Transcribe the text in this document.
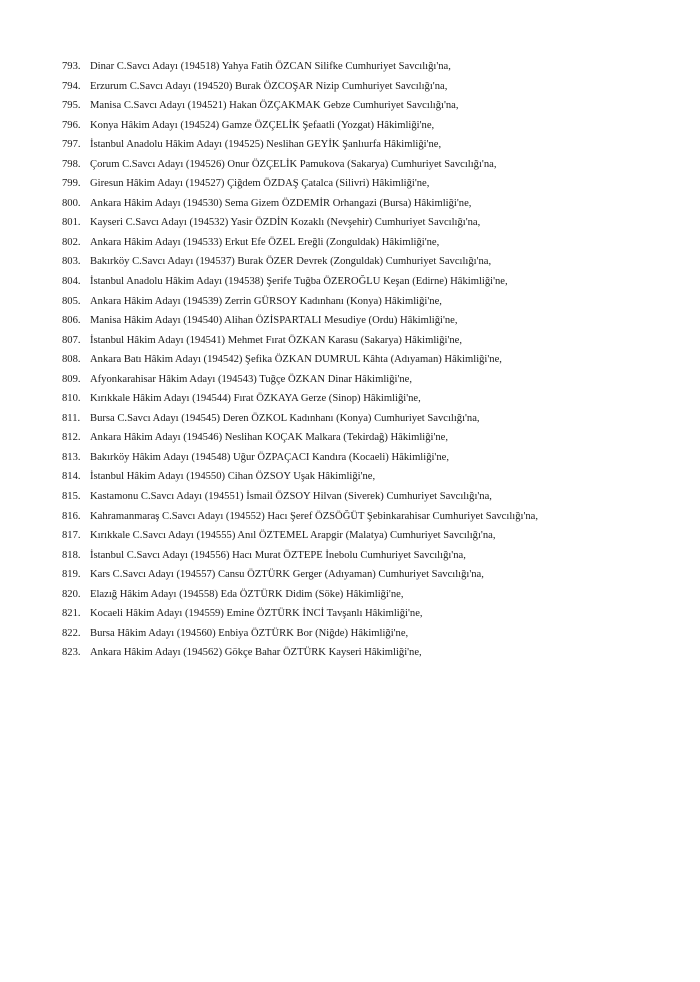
793. Dinar C.Savcı Adayı (194518) Yahya Fatih ÖZCAN Silifke Cumhuriyet Savcılığı'na,
794. Erzurum C.Savcı Adayı (194520) Burak ÖZCOŞAR Nizip Cumhuriyet Savcılığı'na,
795. Manisa C.Savcı Adayı (194521) Hakan ÖZÇAKMAK Gebze Cumhuriyet Savcılığı'na,
796. Konya Hâkim Adayı (194524) Gamze ÖZÇELİK Şefaatli (Yozgat) Hâkimliği'ne,
797. İstanbul Anadolu Hâkim Adayı (194525) Neslihan GEYİK Şanlıurfa Hâkimliği'ne,
798. Çorum C.Savcı Adayı (194526) Onur ÖZÇELİK Pamukova (Sakarya) Cumhuriyet Savcılığı'na,
799. Giresun Hâkim Adayı (194527) Çiğdem ÖZDAŞ Çatalca (Silivri) Hâkimliği'ne,
800. Ankara Hâkim Adayı (194530) Sema Gizem ÖZDEMİR Orhangazi (Bursa) Hâkimliği'ne,
801. Kayseri C.Savcı Adayı (194532) Yasir ÖZDİN Kozaklı (Nevşehir) Cumhuriyet Savcılığı'na,
802. Ankara Hâkim Adayı (194533) Erkut Efe ÖZEL Ereğli (Zonguldak) Hâkimliği'ne,
803. Bakırköy C.Savcı Adayı (194537) Burak ÖZER Devrek (Zonguldak) Cumhuriyet Savcılığı'na,
804. İstanbul Anadolu Hâkim Adayı (194538) Şerife Tuğba ÖZEROĞLU Keşan (Edirne) Hâkimliği'ne,
805. Ankara Hâkim Adayı (194539) Zerrin GÜRSOY Kadınhanı (Konya) Hâkimliği'ne,
806. Manisa Hâkim Adayı (194540) Alihan ÖZİSPARTALI Mesudiye (Ordu) Hâkimliği'ne,
807. İstanbul Hâkim Adayı (194541) Mehmet Fırat ÖZKAN Karasu (Sakarya) Hâkimliği'ne,
808. Ankara Batı Hâkim Adayı (194542) Şefika ÖZKAN DUMRUL Kâhta (Adıyaman) Hâkimliği'ne,
809. Afyonkarahisar Hâkim Adayı (194543) Tuğçe ÖZKAN Dinar Hâkimliği'ne,
810. Kırıkkale Hâkim Adayı (194544) Fırat ÖZKAYA Gerze (Sinop) Hâkimliği'ne,
811. Bursa C.Savcı Adayı (194545) Deren ÖZKOL Kadınhanı (Konya) Cumhuriyet Savcılığı'na,
812. Ankara Hâkim Adayı (194546) Neslihan KOÇAK Malkara (Tekirdağ) Hâkimliği'ne,
813. Bakırköy Hâkim Adayı (194548) Uğur ÖZPAÇACI Kandıra (Kocaeli) Hâkimliği'ne,
814. İstanbul Hâkim Adayı (194550) Cihan ÖZSOY Uşak Hâkimliği'ne,
815. Kastamonu C.Savcı Adayı (194551) İsmail ÖZSOY Hilvan (Siverek) Cumhuriyet Savcılığı'na,
816. Kahramanmaraş C.Savcı Adayı (194552) Hacı Şeref ÖZSÖĞÜT Şebinkarahisar Cumhuriyet Savcılığı'na,
817. Kırıkkale C.Savcı Adayı (194555) Anıl ÖZTEMEL Arapgir (Malatya) Cumhuriyet Savcılığı'na,
818. İstanbul C.Savcı Adayı (194556) Hacı Murat ÖZTEPE İnebolu Cumhuriyet Savcılığı'na,
819. Kars C.Savcı Adayı (194557) Cansu ÖZTÜRK Gerger (Adıyaman) Cumhuriyet Savcılığı'na,
820. Elazığ Hâkim Adayı (194558) Eda ÖZTÜRK Didim (Söke) Hâkimliği'ne,
821. Kocaeli Hâkim Adayı (194559) Emine ÖZTÜRK İNCİ Tavşanlı Hâkimliği'ne,
822. Bursa Hâkim Adayı (194560) Enbiya ÖZTÜRK Bor (Niğde) Hâkimliği'ne,
823. Ankara Hâkim Adayı (194562) Gökçe Bahar ÖZTÜRK Kayseri Hâkimliği'ne,
